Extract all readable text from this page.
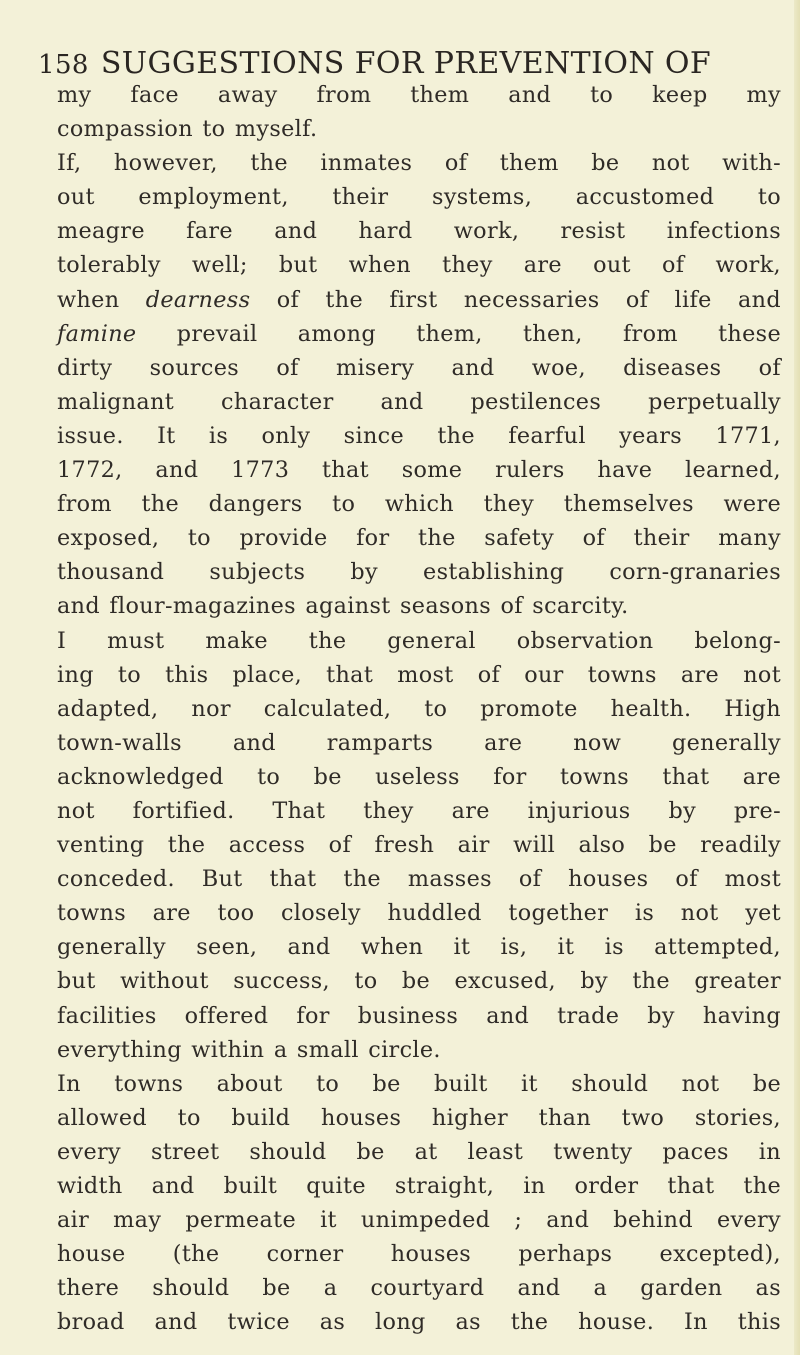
158 SUGGESTIONS FOR PREVENTION OF
my face away from them and to keep my
compassion to myself.
If, however, the inmates of them be not with-
out employment, their systems, accustomed to
meagre fare and hard work, resist infections
tolerably well; but when they are out of work,
when dearness of the first necessaries of life and
famine prevail among them, then, from these
dirty sources of misery and woe, diseases of
malignant character and pestilences perpetually
issue. It is only since the fearful years 1771,
1772, and 1773 that some rulers have learned,
from the dangers to which they themselves were
exposed, to provide for the safety of their many
thousand subjects by establishing corn-granaries
and flour-magazines against seasons of scarcity.
I must make the general observation belong-
ing to this place, that most of our towns are not
adapted, nor calculated, to promote health. High
town-walls and ramparts are now generally
acknowledged to be useless for towns that are
not fortified. That they are injurious by pre-
venting the access of fresh air will also be readily
conceded. But that the masses of houses of most
towns are too closely huddled together is not yet
generally seen, and when it is, it is attempted,
but without success, to be excused, by the greater
facilities offered for business and trade by having
everything within a small circle.
In towns about to be built it should not be
allowed to build houses higher than two stories,
every street should be at least twenty paces in
width and built quite straight, in order that the
air may permeate it unimpeded ; and behind every
house (the corner houses perhaps excepted),
there should be a courtyard and a garden as
broad and twice as long as the house. In this
